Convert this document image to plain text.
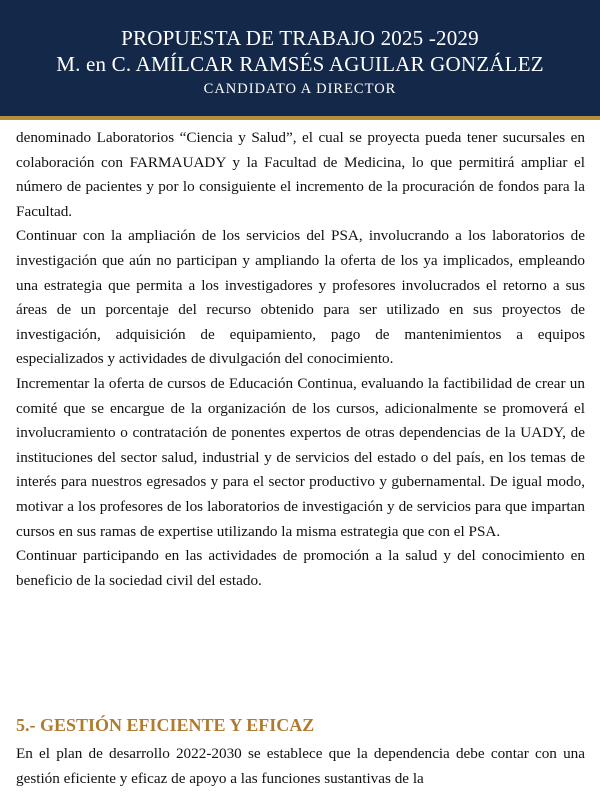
PROPUESTA DE TRABAJO 2025 -2029
M. en C. AMÍLCAR RAMSÉS AGUILAR GONZÁLEZ
CANDIDATO A DIRECTOR

denominado Laboratorios “Ciencia y Salud”, el cual se proyecta pueda tener sucursales en colaboración con FARMAUADY y la Facultad de Medicina, lo que permitirá ampliar el número de pacientes y por lo consiguiente el incremento de la procuración de fondos para la Facultad.

Continuar con la ampliación de los servicios del PSA, involucrando a los laboratorios de investigación que aún no participan y ampliando la oferta de los ya implicados, empleando una estrategia que permita a los investigadores y profesores involucrados el retorno a sus áreas de un porcentaje del recurso obtenido para ser utilizado en sus proyectos de investigación, adquisición de equipamiento, pago de mantenimientos a equipos especializados y actividades de divulgación del conocimiento.

Incrementar la oferta de cursos de Educación Continua, evaluando la factibilidad de crear un comité que se encargue de la organización de los cursos, adicionalmente se promoverá el involucramiento o contratación de ponentes expertos de otras dependencias de la UADY, de instituciones del sector salud, industrial y de servicios del estado o del país, en los temas de interés para nuestros egresados y para el sector productivo y gubernamental. De igual modo, motivar a los profesores de los laboratorios de investigación y de servicios para que impartan cursos en sus ramas de expertise utilizando la misma estrategia que con el PSA.

Continuar participando en las actividades de promoción a la salud y del conocimiento en beneficio de la sociedad civil del estado.

5.- GESTIÓN EFICIENTE Y EFICAZ

En el plan de desarrollo 2022-2030 se establece que la dependencia debe contar con una gestión eficiente y eficaz de apoyo a las funciones sustantivas de la
